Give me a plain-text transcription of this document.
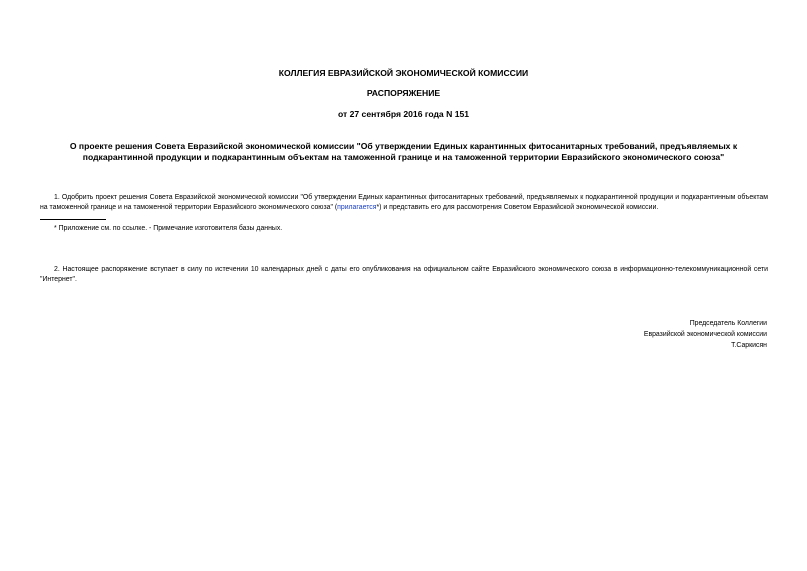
КОЛЛЕГИЯ ЕВРАЗИЙСКОЙ ЭКОНОМИЧЕСКОЙ КОМИССИИ
РАСПОРЯЖЕНИЕ
от 27 сентября 2016 года N 151
О проекте решения Совета Евразийской экономической комиссии "Об утверждении Единых карантинных фитосанитарных требований, предъявляемых к подкарантинной продукции и подкарантинным объектам на таможенной границе и на таможенной территории Евразийского экономического союза"
1. Одобрить проект решения Совета Евразийской экономической комиссии "Об утверждении Единых карантинных фитосанитарных требований, предъявляемых к подкарантинной продукции и подкарантинным объектам на таможенной границе и на таможенной территории Евразийского экономического союза" (прилагается*) и представить его для рассмотрения Советом Евразийской экономической комиссии.
* Приложение см. по ссылке. - Примечание изготовителя базы данных.
2. Настоящее распоряжение вступает в силу по истечении 10 календарных дней с даты его опубликования на официальном сайте Евразийского экономического союза в информационно-телекоммуникационной сети "Интернет".
Председатель Коллегии
Евразийской экономической комиссии
Т.Саркисян
